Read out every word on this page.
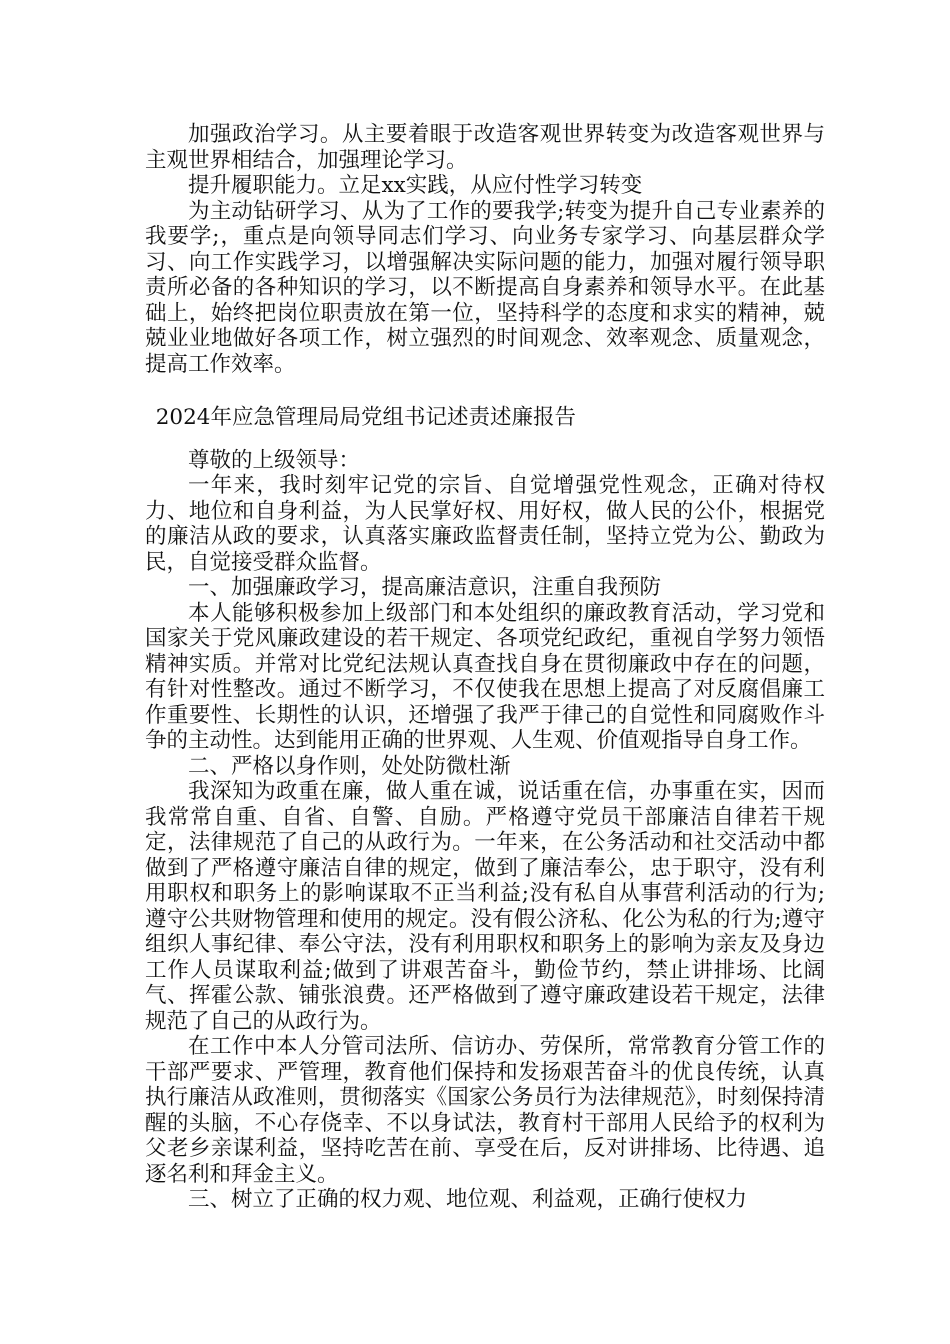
加强政治学习。从主要着眼于改造客观世界转变为改造客观世界与主观世界相结合，加强理论学习。

提升履职能力。立足xx实践，从应付性学习转变

为主动钻研学习、从为了工作的要我学;转变为提升自己专业素养的我要学;，重点是向领导同志们学习、向业务专家学习、向基层群众学习、向工作实践学习，以增强解决实际问题的能力，加强对履行领导职责所必备的各种知识的学习，以不断提高自身素养和领导水平。在此基础上，始终把岗位职责放在第一位，坚持科学的态度和求实的精神，兢兢业业地做好各项工作，树立强烈的时间观念、效率观念、质量观念，提高工作效率。

2024年应急管理局局党组书记述责述廉报告

尊敬的上级领导：

一年来，我时刻牢记党的宗旨、自觉增强党性观念，正确对待权力、地位和自身利益，为人民掌好权、用好权，做人民的公仆，根据党的廉洁从政的要求，认真落实廉政监督责任制，坚持立党为公、勤政为民，自觉接受群众监督。

一、加强廉政学习，提高廉洁意识，注重自我预防

本人能够积极参加上级部门和本处组织的廉政教育活动，学习党和国家关于党风廉政建设的若干规定、各项党纪政纪，重视自学努力领悟精神实质。并常对比党纪法规认真查找自身在贯彻廉政中存在的问题，有针对性整改。通过不断学习，不仅使我在思想上提高了对反腐倡廉工作重要性、长期性的认识，还增强了我严于律己的自觉性和同腐败作斗争的主动性。达到能用正确的世界观、人生观、价值观指导自身工作。

二、严格以身作则，处处防微杜渐

我深知为政重在廉，做人重在诚，说话重在信，办事重在实，因而我常常自重、自省、自警、自励。严格遵守党员干部廉洁自律若干规定，法律规范了自己的从政行为。一年来，在公务活动和社交活动中都做到了严格遵守廉洁自律的规定，做到了廉洁奉公，忠于职守，没有利用职权和职务上的影响谋取不正当利益;没有私自从事营利活动的行为;遵守公共财物管理和使用的规定。没有假公济私、化公为私的行为;遵守组织人事纪律、奉公守法，没有利用职权和职务上的影响为亲友及身边工作人员谋取利益;做到了讲艰苦奋斗，勤俭节约，禁止讲排场、比阔气、挥霍公款、铺张浪费。还严格做到了遵守廉政建设若干规定，法律规范了自己的从政行为。

在工作中本人分管司法所、信访办、劳保所，常常教育分管工作的干部严要求、严管理，教育他们保持和发扬艰苦奋斗的优良传统，认真执行廉洁从政准则，贯彻落实《国家公务员行为法律规范》，时刻保持清醒的头脑，不心存侥幸、不以身试法，教育村干部用人民给予的权利为父老乡亲谋利益，坚持吃苦在前、享受在后，反对讲排场、比待遇、追逐名利和拜金主义。

三、树立了正确的权力观、地位观、利益观，正确行使权力
